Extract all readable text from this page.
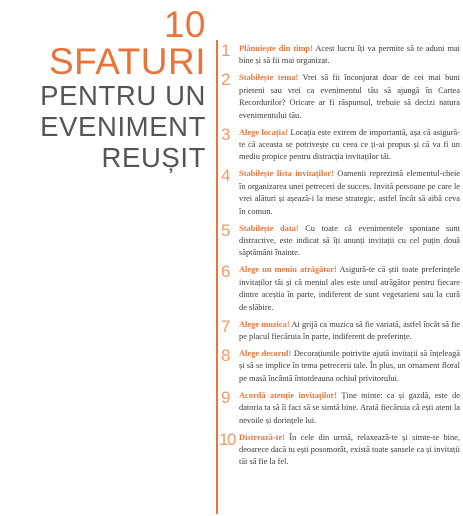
10 SFATURI
PENTRU UN
EVENIMENT
REUȘIT
1 Plănuiește din timp! Acest lucru îți va permite să te aduni mai bine și să fii mai organizat.
2 Stabilește tema! Vrei să fii înconjurat doar de cei mai buni prieteni sau vrei ca evenimentul tău să ajungă în Cartea Recordurilor? Oricare ar fi răspunsul, trebuie să decizi natura evenimentului tău.
3 Alege locația! Locația este extrem de importantă, așa că asigură-te că aceasta se potrivește cu ceea ce ți-ai propus și că va fi un mediu propice pentru distracția invitaților tăi.
4 Stabilește lista invitaților! Oamenii reprezintă elementul-cheie în organizarea unei petreceri de succes. Invită persoane pe care le vrei alături și așează-i la mese strategic, astfel încât să aibă ceva în comun.
5 Stabilește data! Cu toate că evenimentele spontane sunt distractive, este indicat să îți anunți invitații cu cel puțin două săptămâni înainte.
6 Alege un meniu atrăgător! Asigură-te că știi toate preferințele invitaților tăi și că meniul ales este unul atrăgător pentru fiecare dintre aceștia în parte, indiferent de sunt vegetarieni sau la cură de slăbire.
7 Alege muzica! Ai grijă ca muzica să fie variată, astfel încât să fie pe placul fiecăruia în parte, indiferent de preferințe.
8 Alege decorul! Decorațiunile potrivite ajută invitații să înțeleagă și să se implice în tema petrecerii tale. În plus, un ornament floral pe masă încântă întotdeauna ochiul privitorului.
9 Acordă atenție invitaților! Ține minte: ca și gazdă, este de datoria ta să îi faci să se simtă bine. Arată fiecăruia că ești atent la nevoile și dorințele lui.
10 Distrează-te! În cele din urmă, relaxează-te și simte-te bine, deoarece dacă tu ești posomorât, există toate șansele ca și invitații tăi să fie la fel.
